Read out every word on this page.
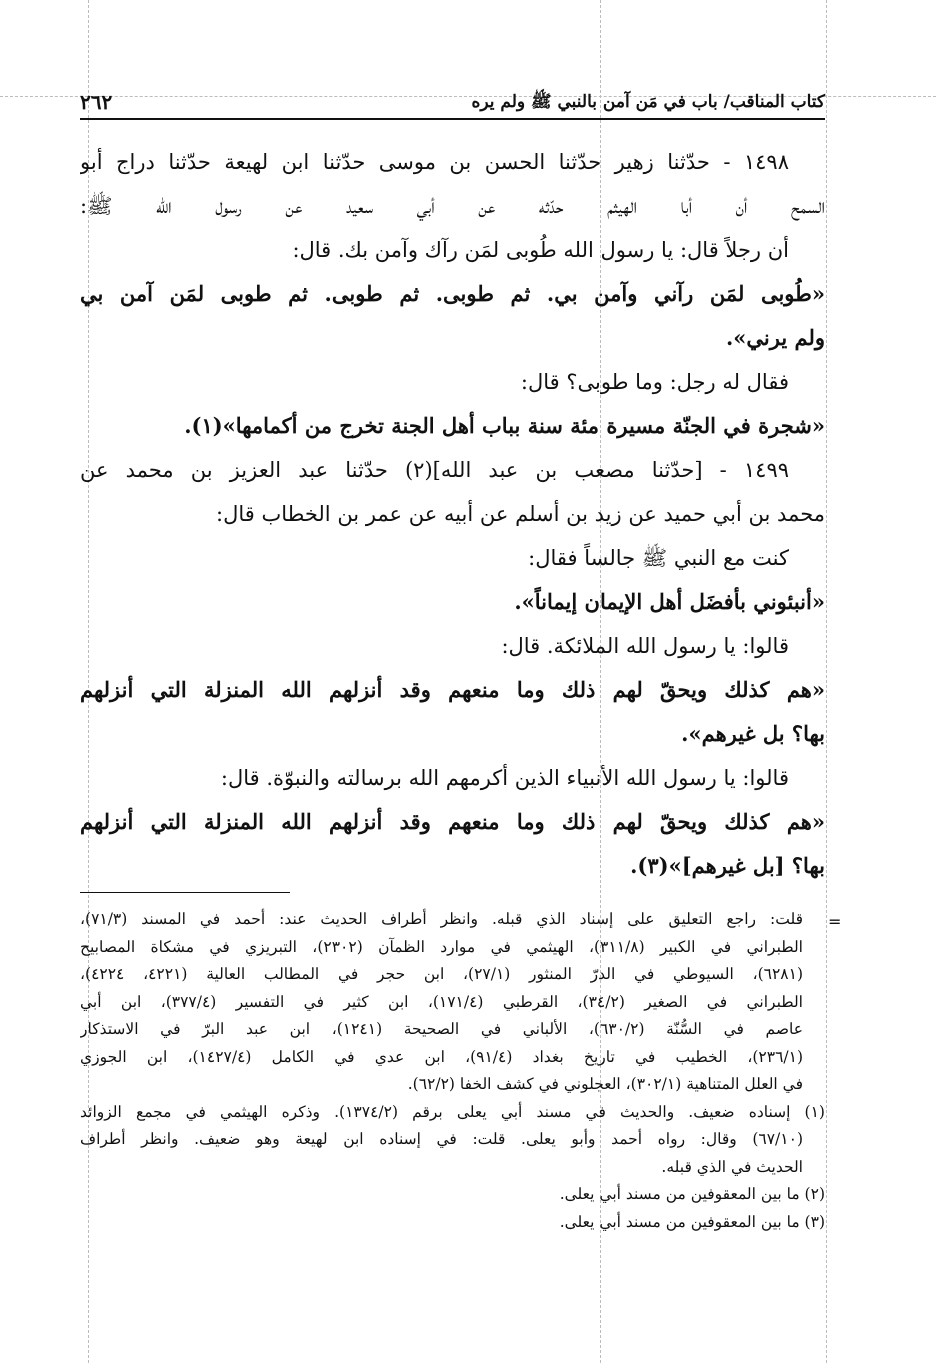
كتاب المناقب/ باب في مَن آمن بالنبي ﷺ ولم يره
٢٦٢
١٤٩٨ - حدّثنا زهير حدّثنا الحسن بن موسى حدّثنا ابن لهيعة حدّثنا دراج أبو
السمح أن أبا الهيثم حدّثه عن أبي سعيد عن رسول الله ﷺ:
أن رجلاً قال: يا رسول الله طُوبى لمَن رآك وآمن بك. قال:
«طُوبى لمَن رآني وآمن بي. ثم طوبى. ثم طوبى. ثم طوبى لمَن آمن بي
ولم يرني».
فقال له رجل: وما طوبى؟ قال:
«شجرة في الجنّة مسيرة مئة سنة بباب أهل الجنة تخرج من أكمامها»(١).
١٤٩٩ - [حدّثنا مصعب بن عبد الله](٢) حدّثنا عبد العزيز بن محمد عن
محمد بن أبي حميد عن زيد بن أسلم عن أبيه عن عمر بن الخطاب قال:
كنت مع النبي ﷺ جالساً فقال:
«أنبئوني بأفضَل أهل الإيمان إيماناً».
قالوا: يا رسول الله الملائكة. قال:
«هم كذلك ويحقّ لهم ذلك وما منعهم وقد أنزلهم الله المنزلة التي أنزلهم
بها؟ بل غيرهم».
قالوا: يا رسول الله الأنبياء الذين أكرمهم الله برسالته والنبوّة. قال:
«هم كذلك ويحقّ لهم ذلك وما منعهم وقد أنزلهم الله المنزلة التي أنزلهم
بها؟ [بل غيرهم]»(٣).
قلت: راجع التعليق على إسناد الذي قبله. وانظر أطراف الحديث عند: أحمد في المسند (٧١/٣)،
الطبراني في الكبير (٣١١/٨)، الهيثمي في موارد الظمآن (٢٣٠٢)، التبريزي في مشكاة المصابيح
(٦٢٨١)، السيوطي في الدرّ المنثور (٢٧/١)، ابن حجر في المطالب العالية (٤٢٢١، ٤٢٢٤)،
الطبراني في الصغير (٣٤/٢)، القرطبي (١٧١/٤)، ابن كثير في التفسير (٣٧٧/٤)، ابن أبي
عاصم في السُّنّة (٦٣٠/٢)، الألباني في الصحيحة (١٢٤١)، ابن عبد البرّ في الاستذكار
(٢٣٦/١)، الخطيب في تاريخ بغداد (٩١/٤)، ابن عدي في الكامل (١٤٢٧/٤)، ابن الجوزي
في العلل المتناهية (٣٠٢/١)، العجلوني في كشف الخفا (٦٢/٢).
(١) إسناده ضعيف. والحديث في مسند أبي يعلى برقم (١٣٧٤/٢). وذكره الهيثمي في مجمع الزوائد
(٦٧/١٠) وقال: رواه أحمد وأبو يعلى. قلت: في إسناده ابن لهيعة وهو ضعيف. وانظر أطراف
الحديث في الذي قبله.
(٢) ما بين المعقوفين من مسند أبي يعلى.
(٣) ما بين المعقوفين من مسند أبي يعلى.
=
